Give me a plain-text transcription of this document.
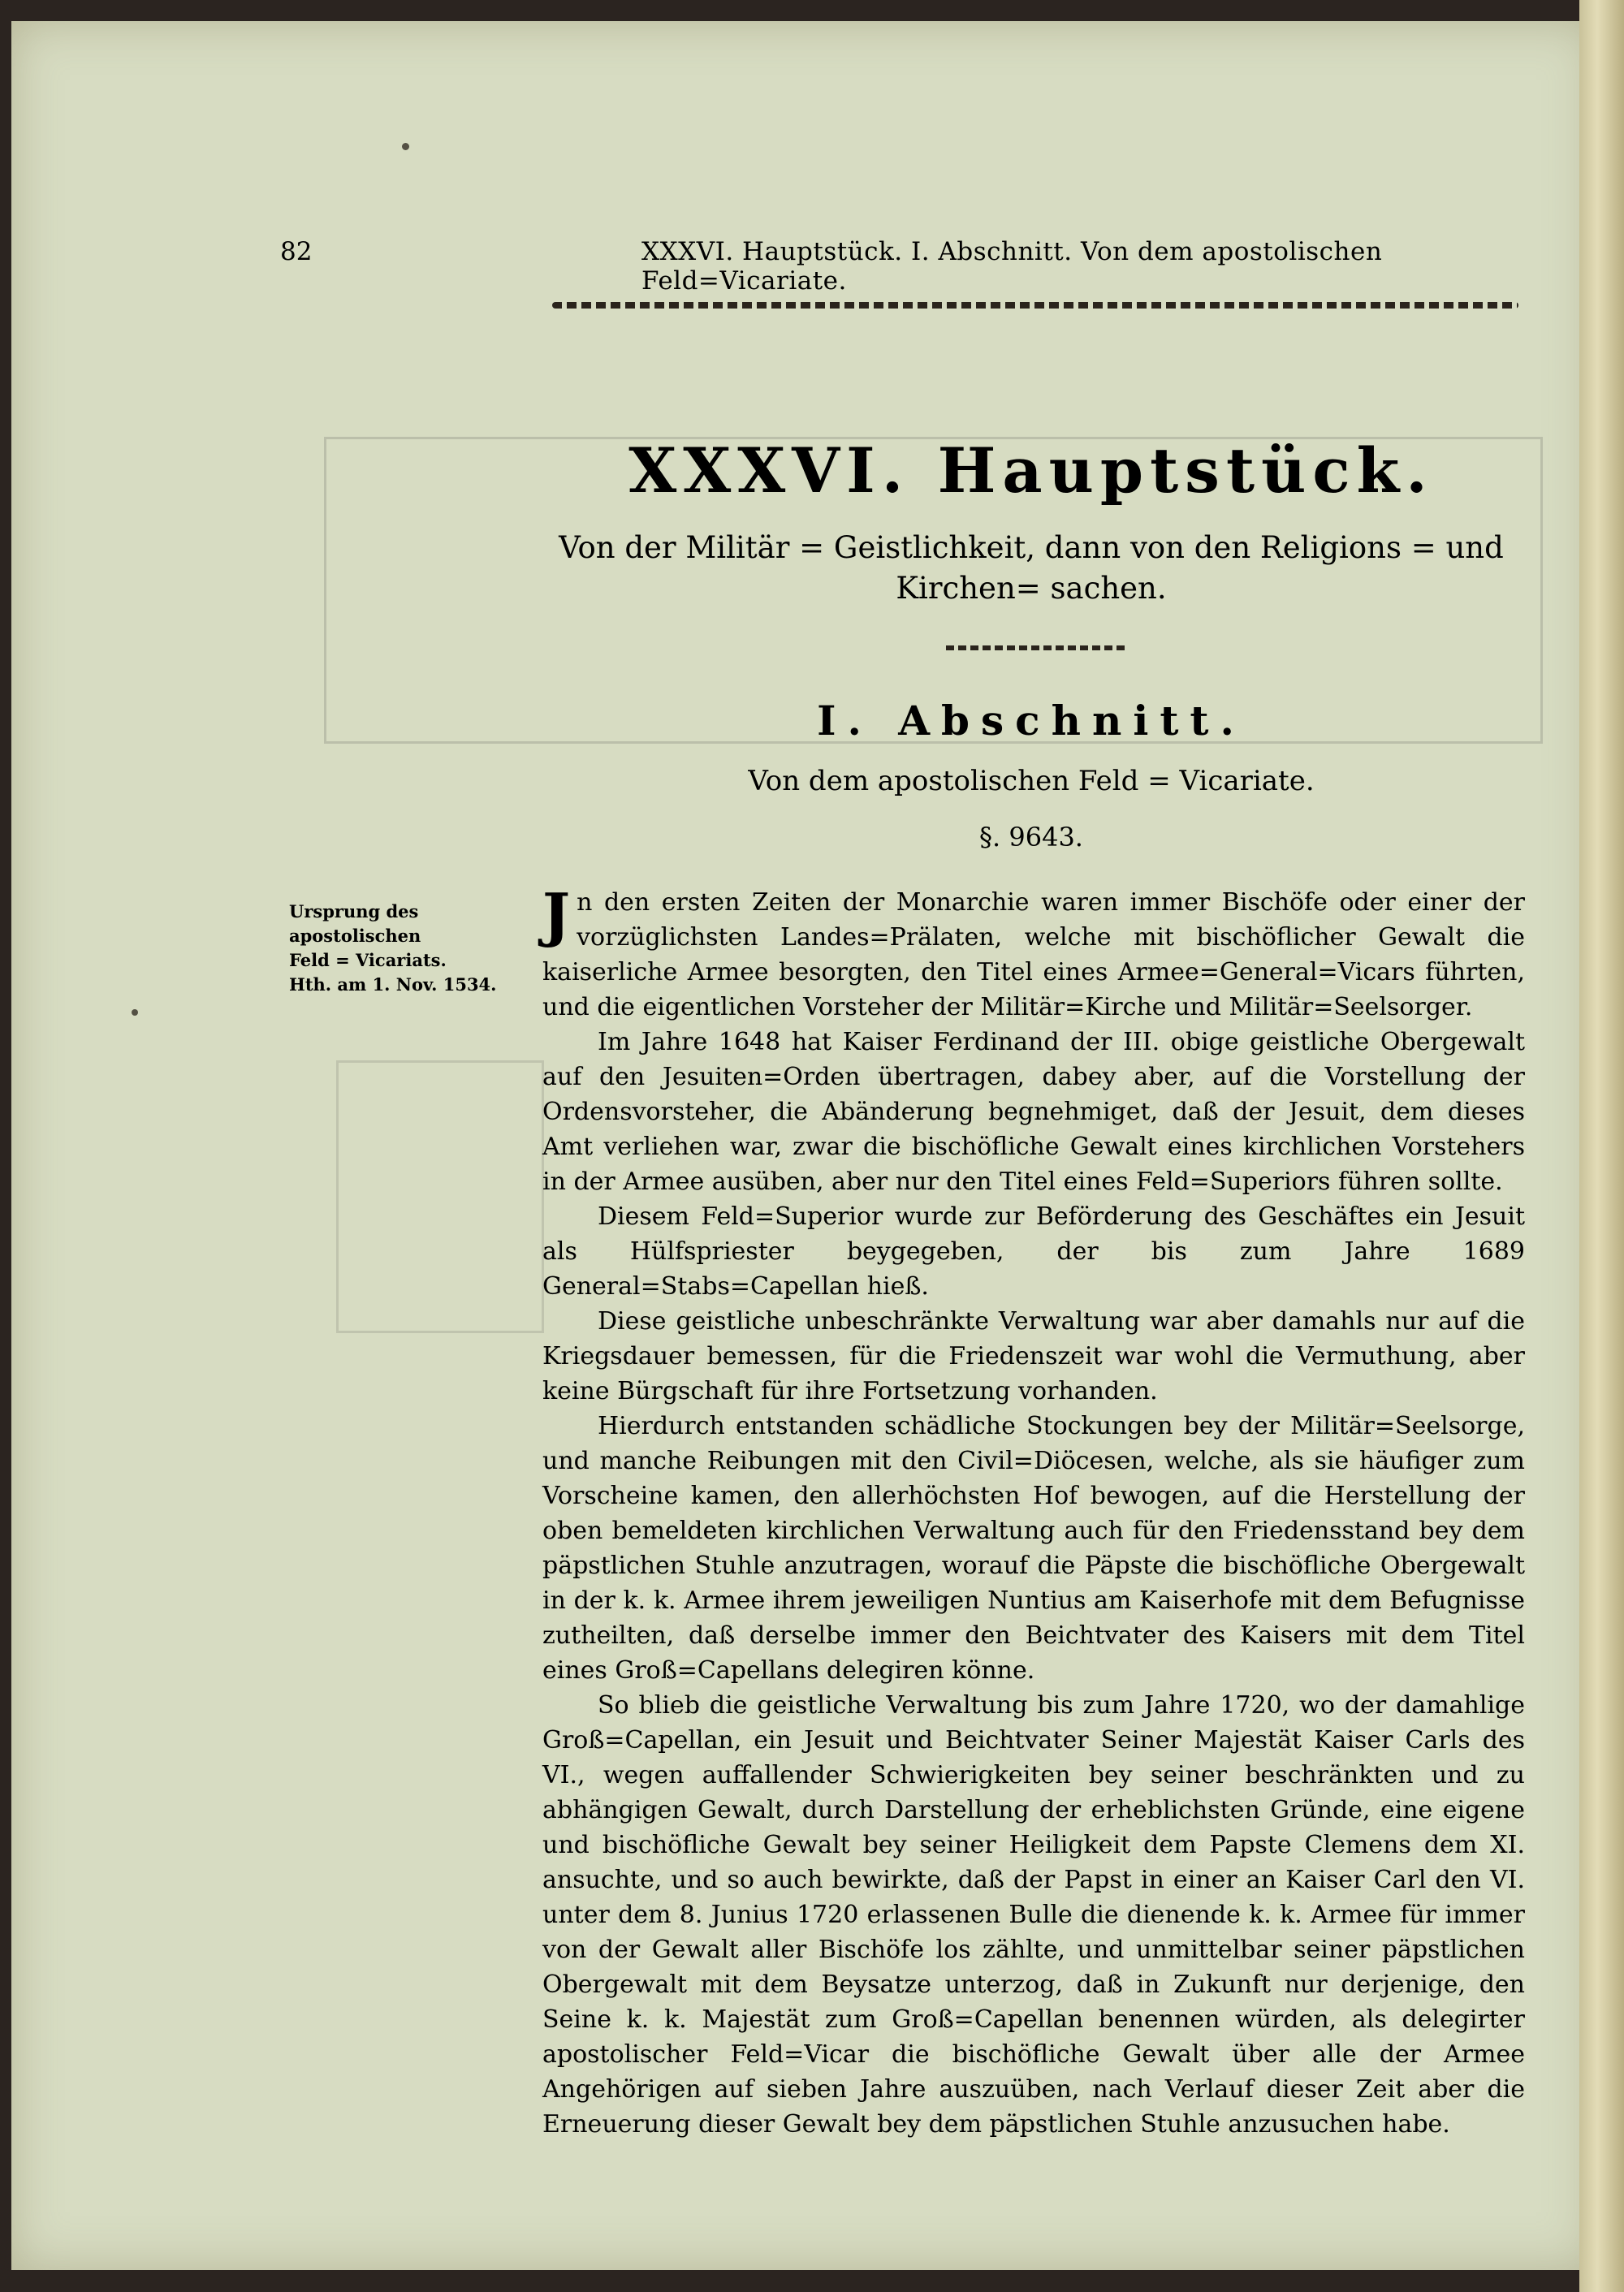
82	XXXVI. Hauptstück. I. Abschnitt. Von dem apostolischen Feld=Vicariate.
XXXVI. Hauptstück.
Von der Militär = Geistlichkeit, dann von den Religions = und Kirchen= sachen.
I. Abschnitt.
Von dem apostolischen Feld = Vicariate.
§. 9643.
Ursprung des apostolischen
Feld = Vicariats.
Hth. am 1. Nov. 1534.

Jn den ersten Zeiten der Monarchie waren immer Bischöfe oder einer der vorzüglichsten Landes=Prälaten, welche mit bischöflicher Gewalt die kaiserliche Armee besorgten, den Titel eines Armee=General=Vicars führten, und die eigentlichen Vorsteher der Militär=Kirche und Militär=Seelsorger.

Im Jahre 1648 hat Kaiser Ferdinand der III. obige geistliche Obergewalt auf den Jesuiten=Orden übertragen, dabey aber, auf die Vorstellung der Ordensvorsteher, die Abänderung begnehmiget, daß der Jesuit, dem dieses Amt verliehen war, zwar die bischöfliche Gewalt eines kirchlichen Vorstehers in der Armee ausüben, aber nur den Titel eines Feld=Superiors führen sollte.

Diesem Feld=Superior wurde zur Beförderung des Geschäftes ein Jesuit als Hülfspriester beygegeben, der bis zum Jahre 1689 General=Stabs=Capellan hieß.

Diese geistliche unbeschränkte Verwaltung war aber damahls nur auf die Kriegsdauer bemessen, für die Friedenszeit war wohl die Vermuthung, aber keine Bürgschaft für ihre Fortsetzung vorhanden.

Hierdurch entstanden schädliche Stockungen bey der Militär=Seelsorge, und manche Reibungen mit den Civil=Diöcesen, welche, als sie häufiger zum Vorscheine kamen, den allerhöchsten Hof bewogen, auf die Herstellung der oben bemeldeten kirchlichen Verwaltung auch für den Friedensstand bey dem päpstlichen Stuhle anzutragen, worauf die Päpste die bischöfliche Obergewalt in der k. k. Armee ihrem jeweiligen Nuntius am Kaiserhofe mit dem Befugnisse zutheilten, daß derselbe immer den Beichtvater des Kaisers mit dem Titel eines Groß=Capellans delegiren könne.

So blieb die geistliche Verwaltung bis zum Jahre 1720, wo der damahlige Groß=Capellan, ein Jesuit und Beichtvater Seiner Majestät Kaiser Carls des VI., wegen auffallender Schwierigkeiten bey seiner beschränkten und zu abhängigen Gewalt, durch Darstellung der erheblichsten Gründe, eine eigene und bischöfliche Gewalt bey seiner Heiligkeit dem Papste Clemens dem XI. ansuchte, und so auch bewirkte, daß der Papst in einer an Kaiser Carl den VI. unter dem 8. Junius 1720 erlassenen Bulle die dienende k. k. Armee für immer von der Gewalt aller Bischöfe los zählte, und unmittelbar seiner päpstlichen Obergewalt mit dem Beysatze unterzog, daß in Zukunft nur derjenige, den Seine k. k. Majestät zum Groß=Capellan benennen würden, als delegirter apostolischer Feld=Vicar die bischöfliche Gewalt über alle der Armee Angehörigen auf sieben Jahre auszuüben, nach Verlauf dieser Zeit aber die Erneuerung dieser Gewalt bey dem päpstlichen Stuhle anzusuchen habe.
